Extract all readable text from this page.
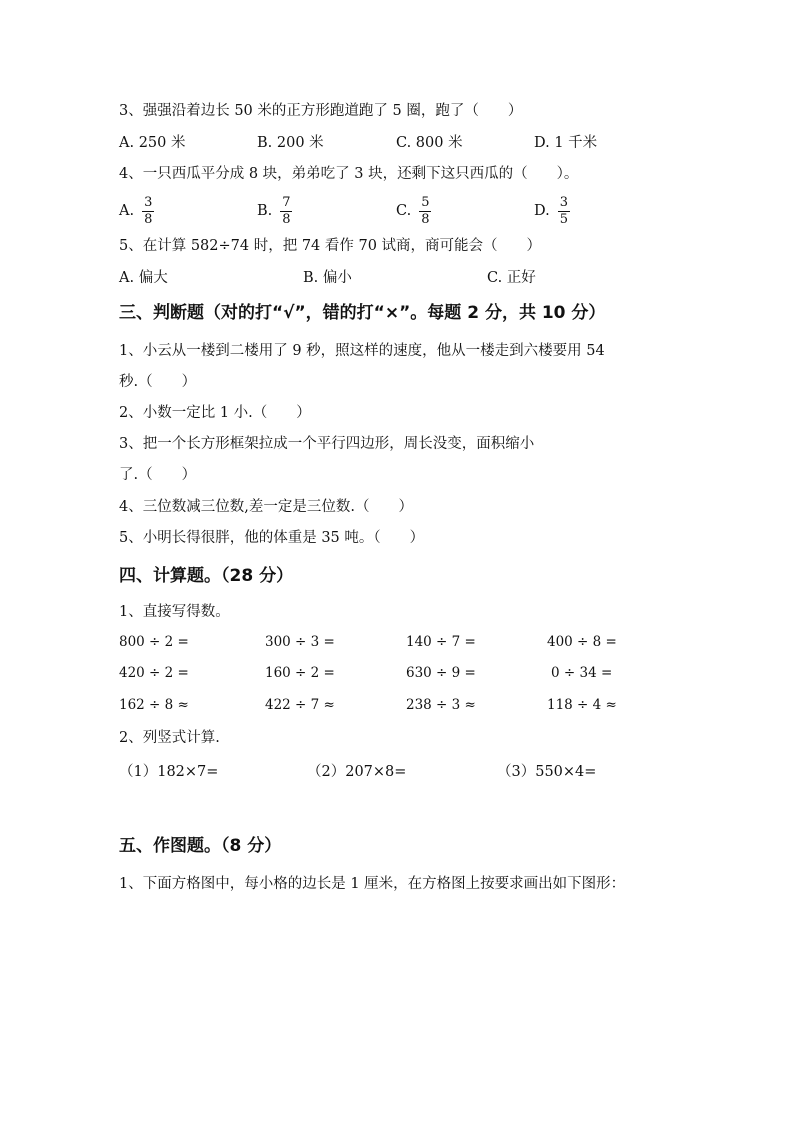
3、强强沿着边长 50 米的正方形跑道跑了 5 圈，跑了（　　）
A. 250 米	B. 200 米	C. 800 米	D. 1 千米
4、一只西瓜平分成 8 块，弟弟吃了 3 块，还剩下这只西瓜的（　　）。
A. $\frac{3}{8}$	B. $\frac{7}{8}$	C. $\frac{5}{8}$	D. $\frac{3}{5}$
5、在计算 582÷74 时，把 74 看作 70 试商，商可能会（　　）
A. 偏大	B. 偏小	C. 正好
三、判断题（对的打“√”，错的打“×”。每题 2 分，共 10 分）
1、小云从一楼到二楼用了 9 秒，照这样的速度，他从一楼走到六楼要用 54
秒.（　　）
2、小数一定比 1 小.（　　）
3、把一个长方形框架拉成一个平行四边形，周长没变，面积缩小
了.（　　）
4、三位数减三位数,差一定是三位数.（　　）
5、小明长得很胖，他的体重是 35 吨。（　　）
四、计算题。（28 分）
1、直接写得数。
800 ÷ 2 =	300 ÷ 3 =	140 ÷ 7 =	400 ÷ 8 =
420 ÷ 2 =	160 ÷ 2 =	630 ÷ 9 =	0 ÷ 34 =
162 ÷ 8 ≈	422 ÷ 7 ≈	238 ÷ 3 ≈	118 ÷ 4 ≈
2、列竖式计算.
（1）182×7=	（2）207×8=	（3）550×4=
五、作图题。（8 分）
1、下面方格图中，每小格的边长是 1 厘米，在方格图上按要求画出如下图形：
